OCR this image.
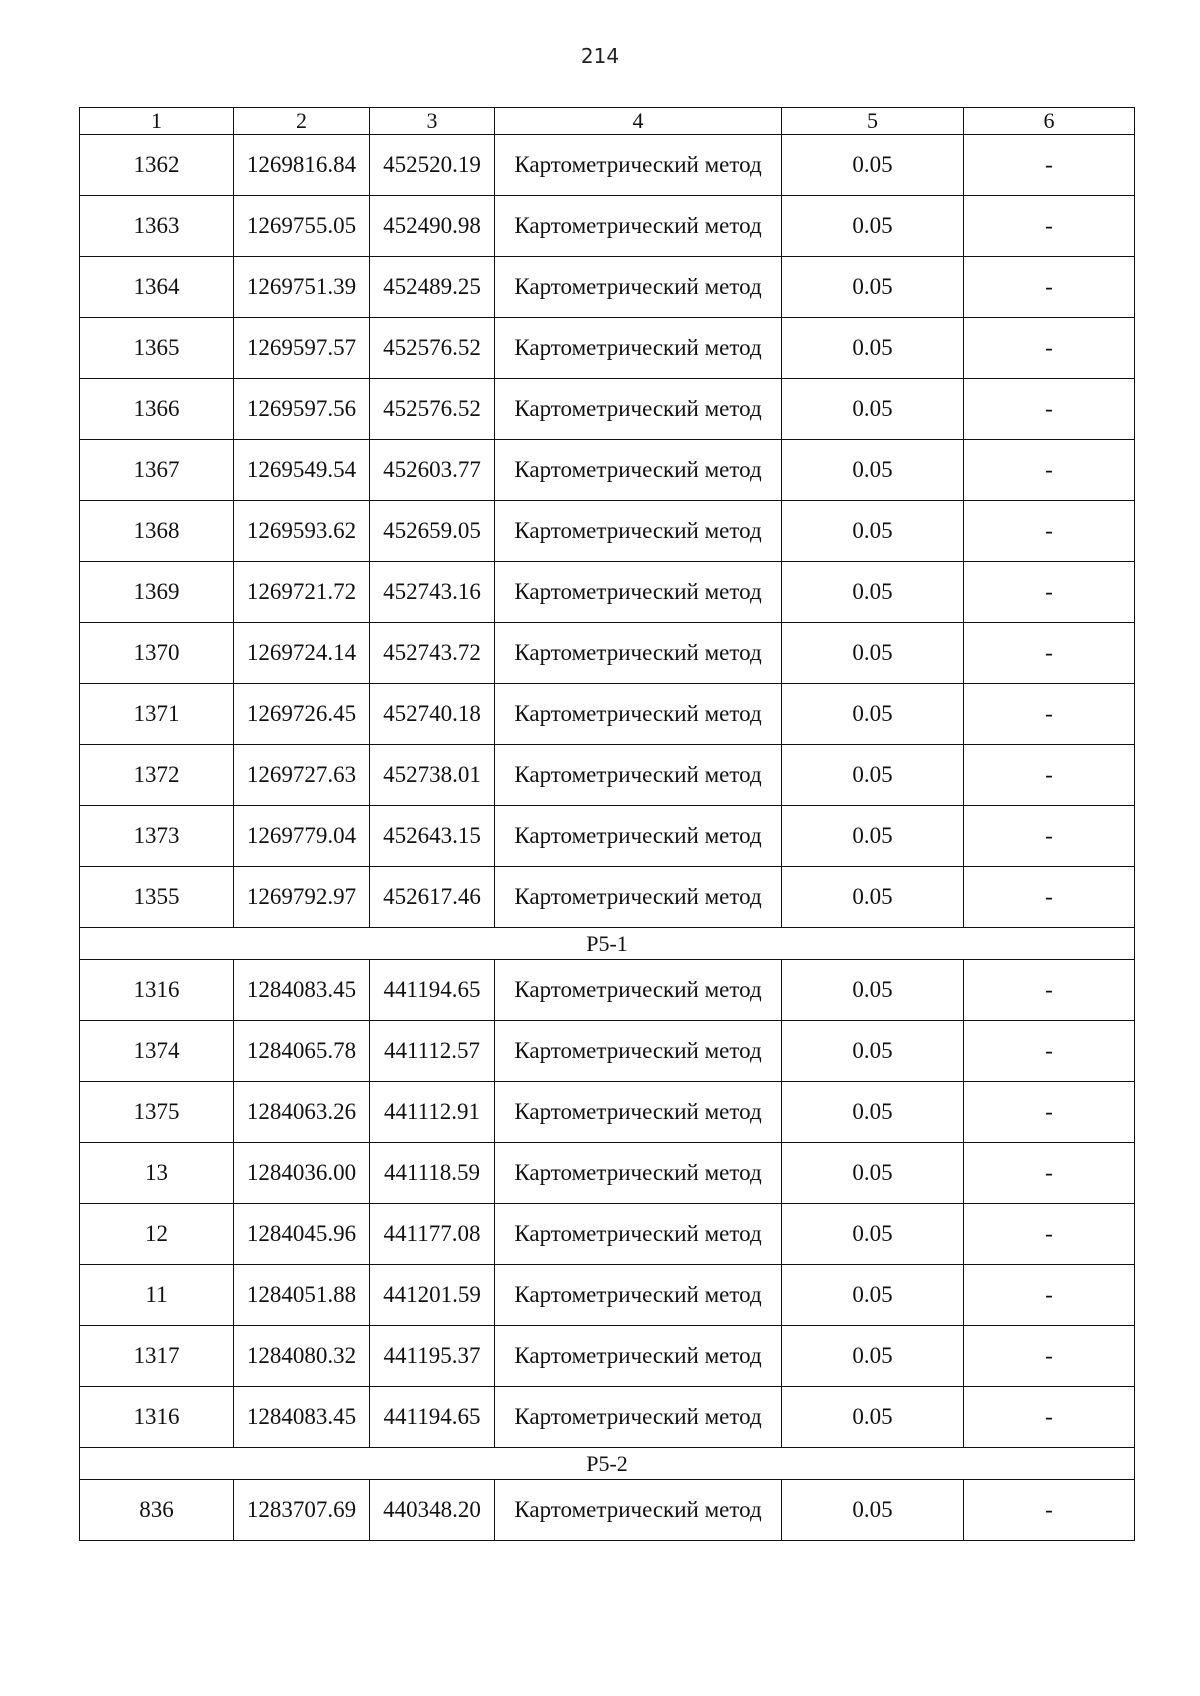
214
1	2	3	4	5	6
1362	1269816.84	452520.19	Картометрический метод	0.05	-
1363	1269755.05	452490.98	Картометрический метод	0.05	-
1364	1269751.39	452489.25	Картометрический метод	0.05	-
1365	1269597.57	452576.52	Картометрический метод	0.05	-
1366	1269597.56	452576.52	Картометрический метод	0.05	-
1367	1269549.54	452603.77	Картометрический метод	0.05	-
1368	1269593.62	452659.05	Картометрический метод	0.05	-
1369	1269721.72	452743.16	Картометрический метод	0.05	-
1370	1269724.14	452743.72	Картометрический метод	0.05	-
1371	1269726.45	452740.18	Картометрический метод	0.05	-
1372	1269727.63	452738.01	Картометрический метод	0.05	-
1373	1269779.04	452643.15	Картометрический метод	0.05	-
1355	1269792.97	452617.46	Картометрический метод	0.05	-
P5-1					
1316	1284083.45	441194.65	Картометрический метод	0.05	-
1374	1284065.78	441112.57	Картометрический метод	0.05	-
1375	1284063.26	441112.91	Картометрический метод	0.05	-
13	1284036.00	441118.59	Картометрический метод	0.05	-
12	1284045.96	441177.08	Картометрический метод	0.05	-
11	1284051.88	441201.59	Картометрический метод	0.05	-
1317	1284080.32	441195.37	Картометрический метод	0.05	-
1316	1284083.45	441194.65	Картометрический метод	0.05	-
P5-2					
836	1283707.69	440348.20	Картометрический метод	0.05	-
